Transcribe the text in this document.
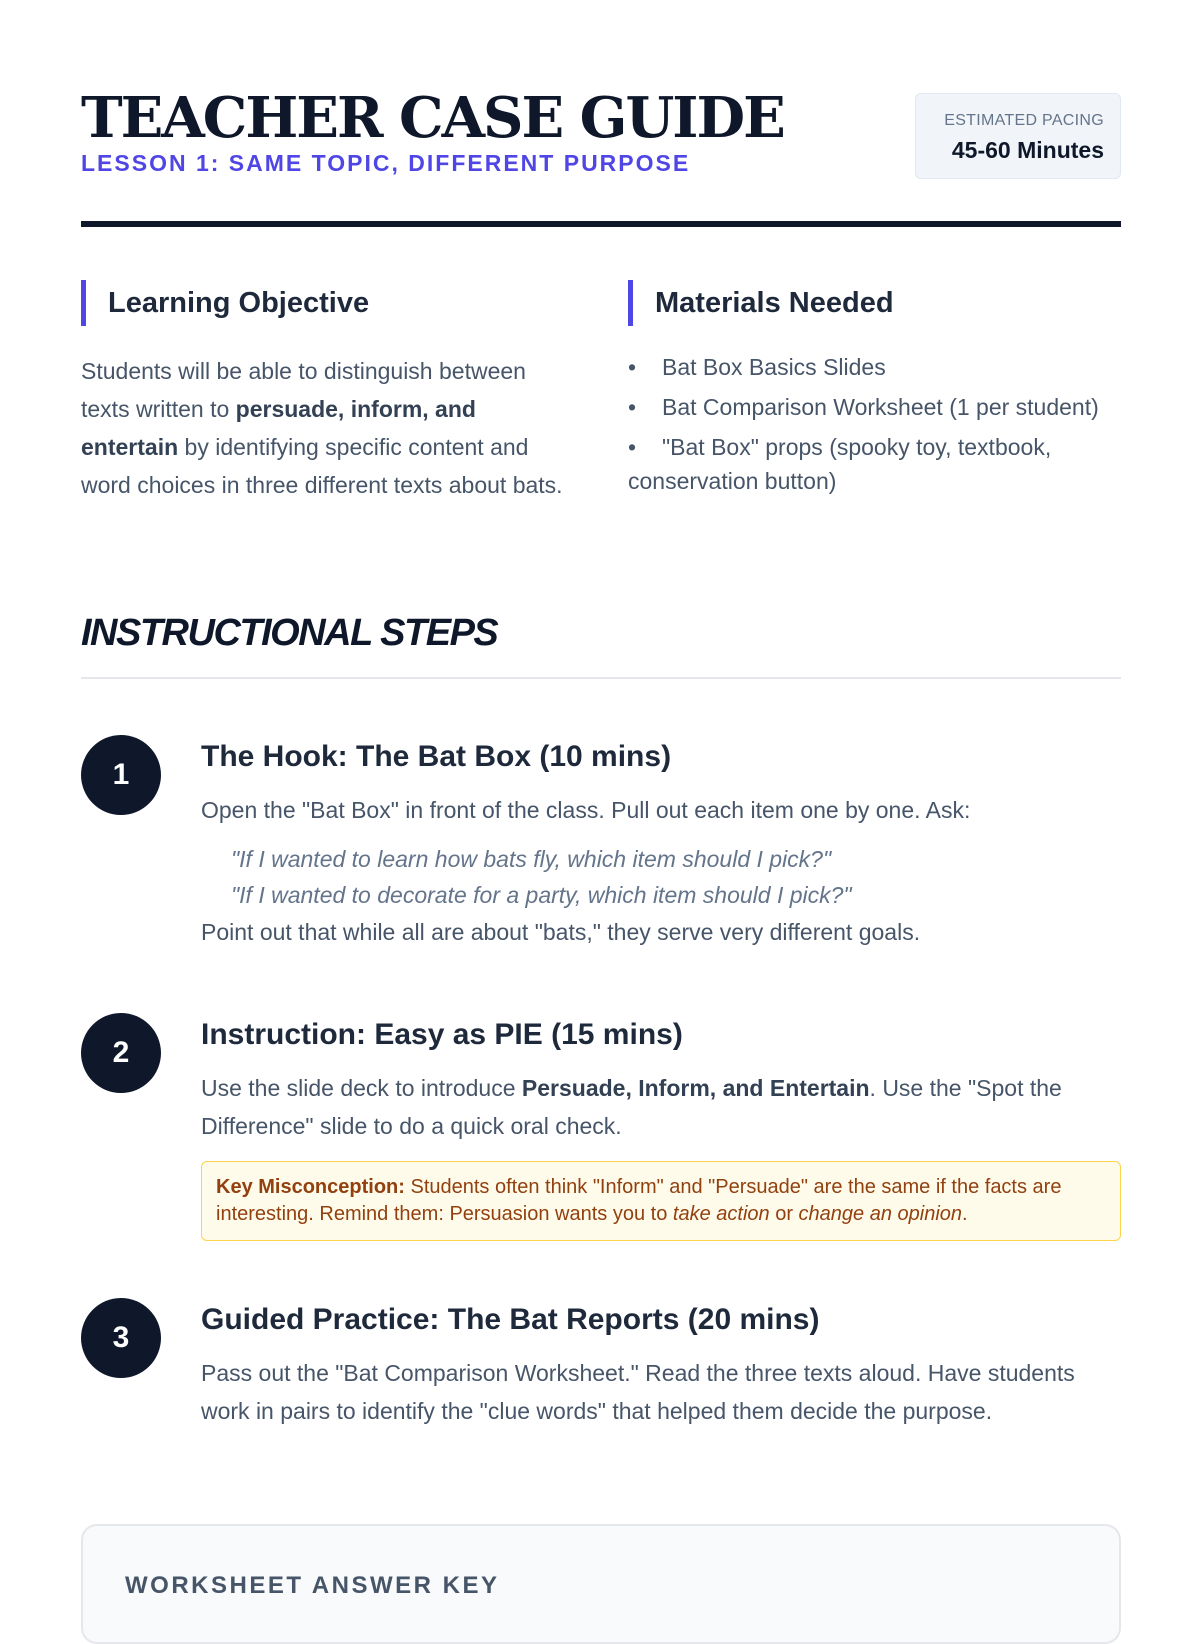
TEACHER CASE GUIDE
LESSON 1: SAME TOPIC, DIFFERENT PURPOSE
ESTIMATED PACING
45-60 Minutes
Learning Objective
Students will be able to distinguish between texts written to persuade, inform, and entertain by identifying specific content and word choices in three different texts about bats.
Materials Needed
• Bat Box Basics Slides
• Bat Comparison Worksheet (1 per student)
• "Bat Box" props (spooky toy, textbook, conservation button)
INSTRUCTIONAL STEPS
1
The Hook: The Bat Box (10 mins)
Open the "Bat Box" in front of the class. Pull out each item one by one. Ask:
"If I wanted to learn how bats fly, which item should I pick?"
"If I wanted to decorate for a party, which item should I pick?"
Point out that while all are about "bats," they serve very different goals.
2
Instruction: Easy as PIE (15 mins)
Use the slide deck to introduce Persuade, Inform, and Entertain. Use the "Spot the Difference" slide to do a quick oral check.
Key Misconception: Students often think "Inform" and "Persuade" are the same if the facts are interesting. Remind them: Persuasion wants you to take action or change an opinion.
3
Guided Practice: The Bat Reports (20 mins)
Pass out the "Bat Comparison Worksheet." Read the three texts aloud. Have students work in pairs to identify the "clue words" that helped them decide the purpose.
WORKSHEET ANSWER KEY
